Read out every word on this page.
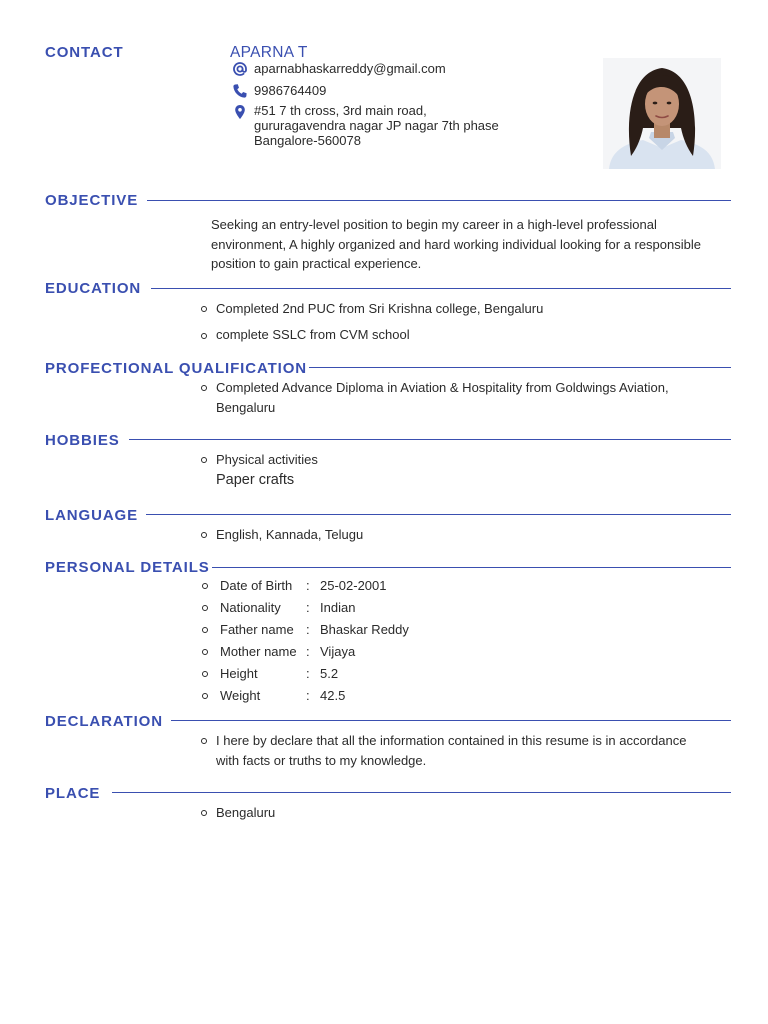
CONTACT	APARNA T
aparnabhaskarreddy@gmail.com
9986764409
#51 7 th cross, 3rd main road,
gururagavendra nagar JP nagar 7th phase
Bangalore-560078
OBJECTIVE
Seeking an entry-level position to begin my career in a high-level professional
environment, A highly organized and hard working individual looking for a responsible
position to gain practical experience.
EDUCATION
Completed 2nd PUC from Sri Krishna college, Bengaluru
complete SSLC from CVM school
PROFECTIONAL QUALIFICATION
Completed Advance Diploma in Aviation & Hospitality from Goldwings Aviation,
Bengaluru
HOBBIES
Physical activities
Paper crafts
LANGUAGE
English, Kannada, Telugu
PERSONAL DETAILS
Date of Birth : 25-02-2001
Nationality : Indian
Father name : Bhaskar Reddy
Mother name : Vijaya
Height	: 5.2
Weight	: 42.5
DECLARATION
I here by declare that all the information contained in this resume is in accordance
with facts or truths to my knowledge.
PLACE
Bengaluru
